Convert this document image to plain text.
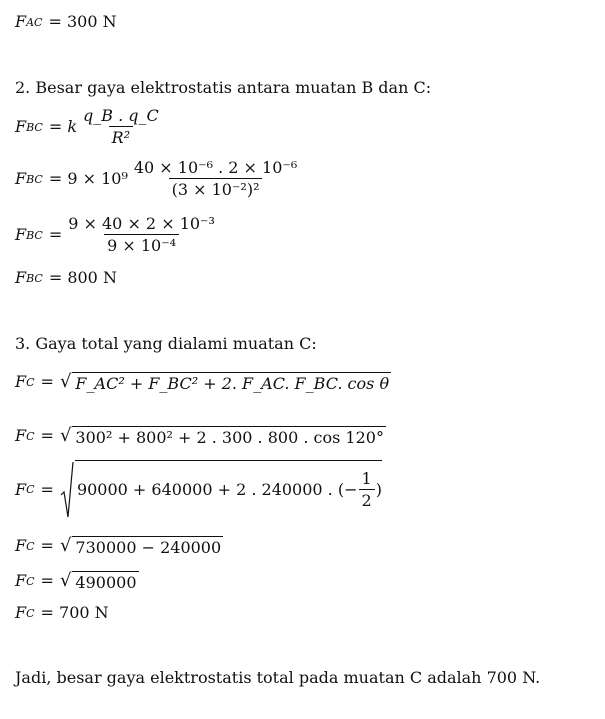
F AC = 300 N
2. Besar gaya elektrostatis antara muatan B dan C:
F BC = k $\frac{q\_B . q\_C}{\text{R²}}$
F BC = $9 \times 10^9 \frac{\text{40 × 10⁻⁶ . 2 × 10⁻⁶}}{\text{(3 × 10⁻²)²}}$
F BC = $\frac{\text{9 × 40 × 2 × 10⁻³}}{\text{9 × 10⁻⁴}}$
F BC = 800 N
3. Gaya total yang dialami muatan C:
F C = √ F_AC² + F_BC² + 2. F_AC. F_BC. cos θ
F C = √ 300² + 800² + 2 . 300 . 800 . cos 120°
F C = 90000 + 640000 + 2 . 240000 . (− $\frac{1}{2}$ )
F C = √ 730000 − 240000
F C = √ 490000
F C = 700 N
Jadi, besar gaya elektrostatis total pada muatan C adalah 700 N.
